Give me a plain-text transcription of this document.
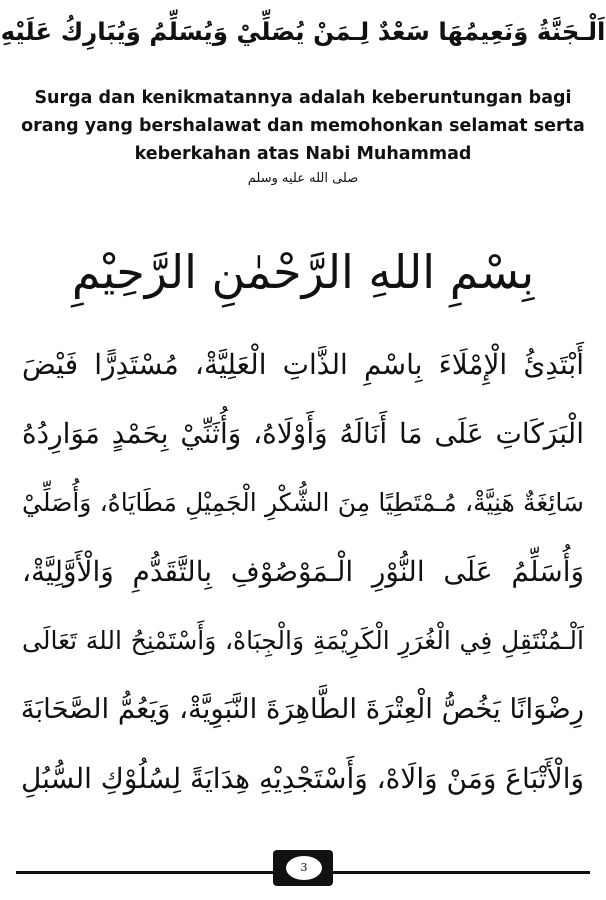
اَلْـجَنَّةُ وَنَعِيمُهَا سَعْدٌ لِـمَنْ يُصَلِّيْ وَيُسَلِّمُ وَيُبَارِكُ عَلَيْهِ
Surga dan kenikmatannya adalah keberuntungan bagi orang yang bershalawat dan memohonkan selamat serta keberkahan atas Nabi Muhammad
صلى الله عليه وسلم
بِسْمِ اللهِ الرَّحْمٰنِ الرَّحِيْمِ
أَبْتَدِئُ الْإِمْلَاءَ بِاسْمِ الذَّاتِ الْعَلِيَّةْ، مُسْتَدِرًّا فَيْضَ
الْبَرَكَاتِ عَلَى مَا أَنَالَهُ وَأَوْلَاهُ، وَأُثَنِّيْ بِحَمْدٍ مَوَارِدُهُ
سَائِغَةٌ هَنِيَّةْ، مُـمْتَطِيًا مِنَ الشُّكْرِ الْجَمِيْلِ مَطَايَاهُ، وَأُصَلِّيْ
وَأُسَلِّمُ عَلَى النُّوْرِ الْـمَوْصُوْفِ بِالتَّقَدُّمِ وَالْأَوَّلِيَّةْ،
اَلْـمُنْتَقِلِ فِي الْغُرَرِ الْكَرِيْمَةِ وَالْجِبَاهْ، وَأَسْتَمْنِحُ اللهَ تَعَالَى
رِضْوَانًا يَخُصُّ الْعِتْرَةَ الطَّاهِرَةَ النَّبَوِيَّةْ، وَيَعُمُّ الصَّحَابَةَ
وَالْأَتْبَاعَ وَمَنْ وَالَاهْ، وَأَسْتَجْدِيْهِ هِدَايَةً لِسُلُوْكِ السُّبُلِ
3
